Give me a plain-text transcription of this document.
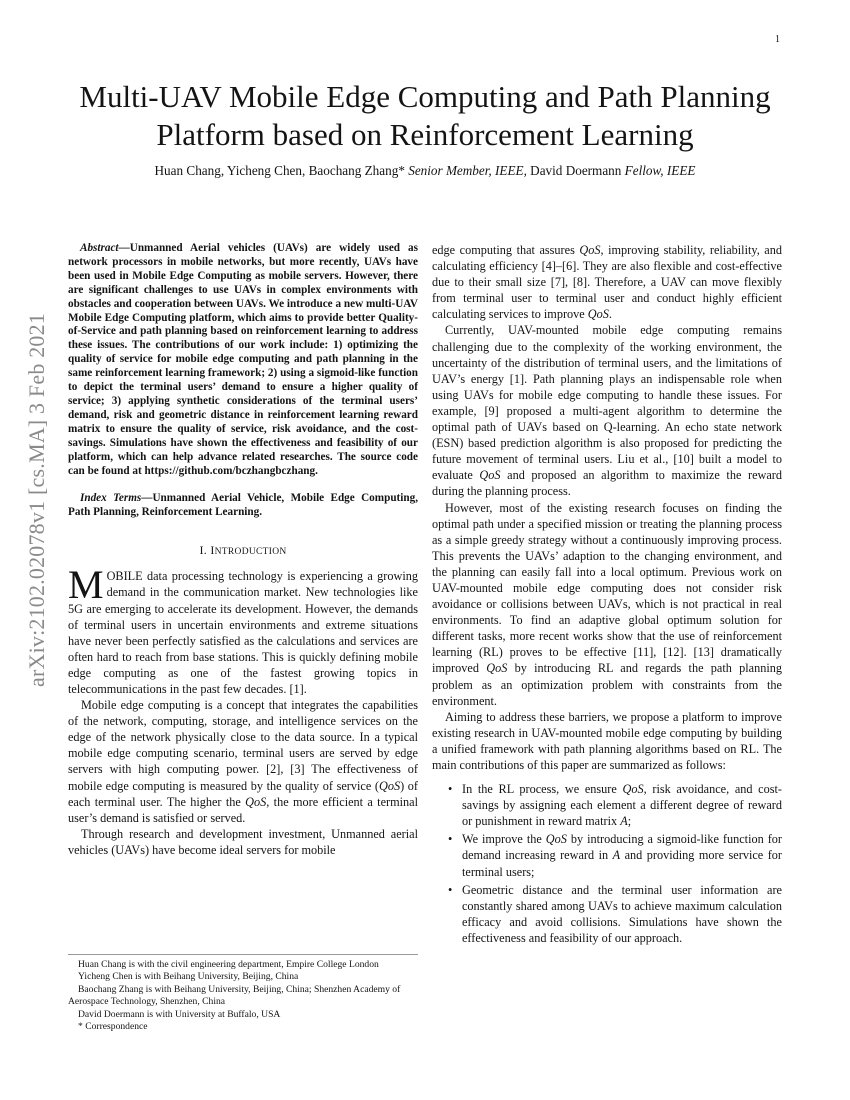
1
arXiv:2102.02078v1 [cs.MA] 3 Feb 2021
Multi-UAV Mobile Edge Computing and Path Planning Platform based on Reinforcement Learning
Huan Chang, Yicheng Chen, Baochang Zhang* Senior Member, IEEE, David Doermann Fellow, IEEE

Abstract—Unmanned Aerial vehicles (UAVs) are widely used as network processors in mobile networks, but more recently, UAVs have been used in Mobile Edge Computing as mobile servers. However, there are significant challenges to use UAVs in complex environments with obstacles and cooperation between UAVs. We introduce a new multi-UAV Mobile Edge Computing platform, which aims to provide better Quality-of-Service and path planning based on reinforcement learning to address these issues. The contributions of our work include: 1) optimizing the quality of service for mobile edge computing and path planning in the same reinforcement learning framework; 2) using a sigmoid-like function to depict the terminal users’ demand to ensure a higher quality of service; 3) applying synthetic considerations of the terminal users’ demand, risk and geometric distance in reinforcement learning reward matrix to ensure the quality of service, risk avoidance, and the cost-savings. Simulations have shown the effectiveness and feasibility of our platform, which can help advance related researches. The source code can be found at https://github.com/bczhangbczhang.

Index Terms—Unmanned Aerial Vehicle, Mobile Edge Computing, Path Planning, Reinforcement Learning.

I. INTRODUCTION

MOBILE data processing technology is experiencing a growing demand in the communication market. New technologies like 5G are emerging to accelerate its development. However, the demands of terminal users in uncertain environments and extreme situations have never been perfectly satisfied as the calculations and services are often hard to reach from base stations. This is quickly defining mobile edge computing as one of the fastest growing topics in telecommunications in the past few decades. [1].

Mobile edge computing is a concept that integrates the capabilities of the network, computing, storage, and intelligence services on the edge of the network physically close to the data source. In a typical mobile edge computing scenario, terminal users are served by edge servers with high computing power. [2], [3] The effectiveness of mobile edge computing is measured by the quality of service (QoS) of each terminal user. The higher the QoS, the more efficient a terminal user’s demand is satisfied or served.

Through research and development investment, Unmanned aerial vehicles (UAVs) have become ideal servers for mobile

Huan Chang is with the civil engineering department, Empire College London
Yicheng Chen is with Beihang University, Beijing, China
Baochang Zhang is with Beihang University, Beijing, China; Shenzhen Academy of Aerospace Technology, Shenzhen, China
David Doermann is with University at Buffalo, USA
* Correspondence

edge computing that assures QoS, improving stability, reliability, and calculating efficiency [4]–[6]. They are also flexible and cost-effective due to their small size [7], [8]. Therefore, a UAV can move flexibly from terminal user to terminal user and conduct highly efficient calculating services to improve QoS.

Currently, UAV-mounted mobile edge computing remains challenging due to the complexity of the working environment, the uncertainty of the distribution of terminal users, and the limitations of UAV’s energy [1]. Path planning plays an indispensable role when using UAVs for mobile edge computing to handle these issues. For example, [9] proposed a multi-agent algorithm to determine the optimal path of UAVs based on Q-learning. An echo state network (ESN) based prediction algorithm is also proposed for predicting the future movement of terminal users. Liu et al., [10] built a model to evaluate QoS and proposed an algorithm to maximize the reward during the planning process.

However, most of the existing research focuses on finding the optimal path under a specified mission or treating the planning process as a simple greedy strategy without a continuously improving process. This prevents the UAVs’ adaption to the changing environment, and the planning can easily fall into a local optimum. Previous work on UAV-mounted mobile edge computing does not consider risk avoidance or collisions between UAVs, which is not practical in real environments. To find an adaptive global optimum solution for different tasks, more recent works show that the use of reinforcement learning (RL) proves to be effective [11], [12]. [13] dramatically improved QoS by introducing RL and regards the path planning problem as an optimization problem with constraints from the environment.

Aiming to address these barriers, we propose a platform to improve existing research in UAV-mounted mobile edge computing by building a unified framework with path planning algorithms based on RL. The main contributions of this paper are summarized as follows:

• In the RL process, we ensure QoS, risk avoidance, and cost-savings by assigning each element a different degree of reward or punishment in reward matrix A;
• We improve the QoS by introducing a sigmoid-like function for demand increasing reward in A and providing more service for terminal users;
• Geometric distance and the terminal user information are constantly shared among UAVs to achieve maximum calculation efficacy and avoid collisions. Simulations have shown the effectiveness and feasibility of our approach.
